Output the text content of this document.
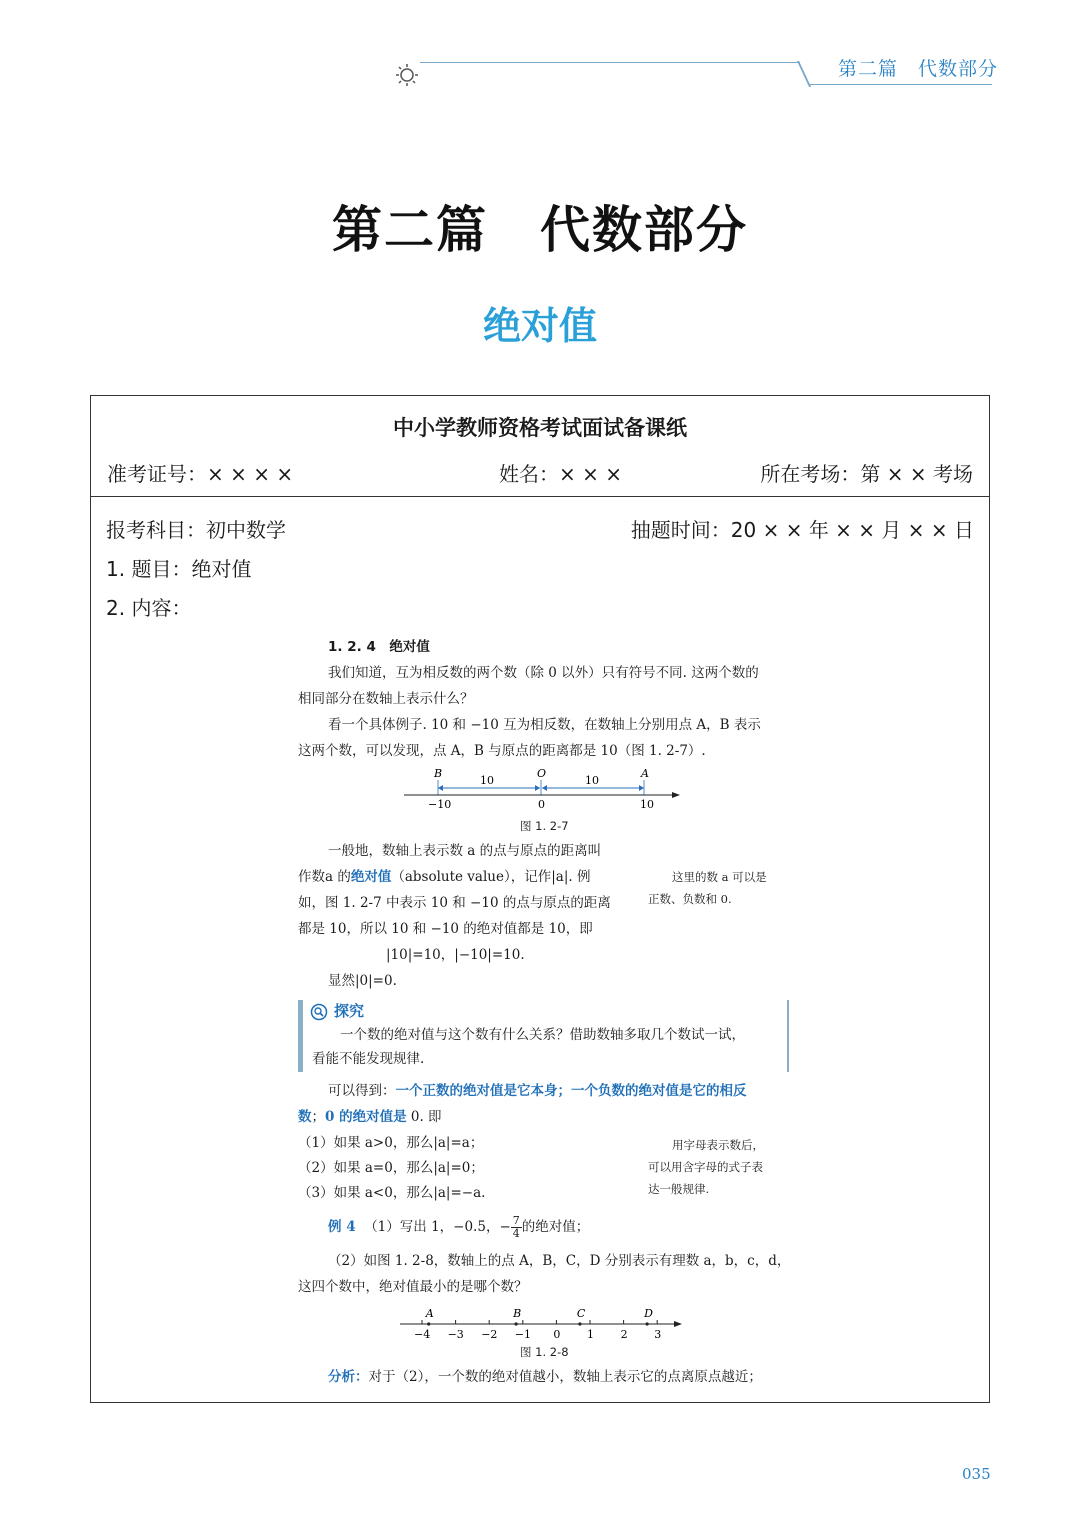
第二篇　代数部分
第二篇　代数部分
绝对值
中小学教师资格考试面试备课纸
准考证号：× × × ×	姓名：× × ×	所在考场：第 × × 考场
报考科目：初中数学	抽题时间：20 × × 年 × × 月 × × 日
1. 题目：绝对值
2. 内容：
1. 2. 4　绝对值
我们知道，互为相反数的两个数（除 0 以外）只有符号不同. 这两个数的
相同部分在数轴上表示什么？
看一个具体例子. 10 和 −10 互为相反数，在数轴上分别用点 A，B 表示
这两个数，可以发现，点 A，B 与原点的距离都是 10（图 1. 2-7）.
B	O	A
10	10
−10	0	10
图 1. 2-7
一般地，数轴上表示数 a 的点与原点的距离叫
作数a 的绝对值（absolute value），记作|a|. 例
如，图 1. 2-7 中表示 10 和 −10 的点与原点的距离
都是 10，所以 10 和 −10 的绝对值都是 10，即
|10|=10，|−10|=10.
显然|0|=0.
这里的数 a 可以是
正数、负数和 0.
探究
一个数的绝对值与这个数有什么关系？借助数轴多取几个数试一试，
看能不能发现规律.
可以得到：一个正数的绝对值是它本身；一个负数的绝对值是它的相反
数；0 的绝对值是 0. 即
（1）如果 a>0，那么|a|=a；
（2）如果 a=0，那么|a|=0；
（3）如果 a<0，那么|a|=−a.
用字母表示数后，
可以用含字母的式子表
达一般规律.
例 4 （1）写出 1，−0.5，− $\frac{7}{4}$ 的绝对值；
（2）如图 1. 2-8，数轴上的点 A，B，C，D 分别表示有理数 a，b，c，d，
这四个数中，绝对值最小的是哪个数？
−4 −3 −2 −1 0 1 2 3
A	B	C	D
图 1. 2-8
分析：对于（2），一个数的绝对值越小，数轴上表示它的点离原点越近；
035
